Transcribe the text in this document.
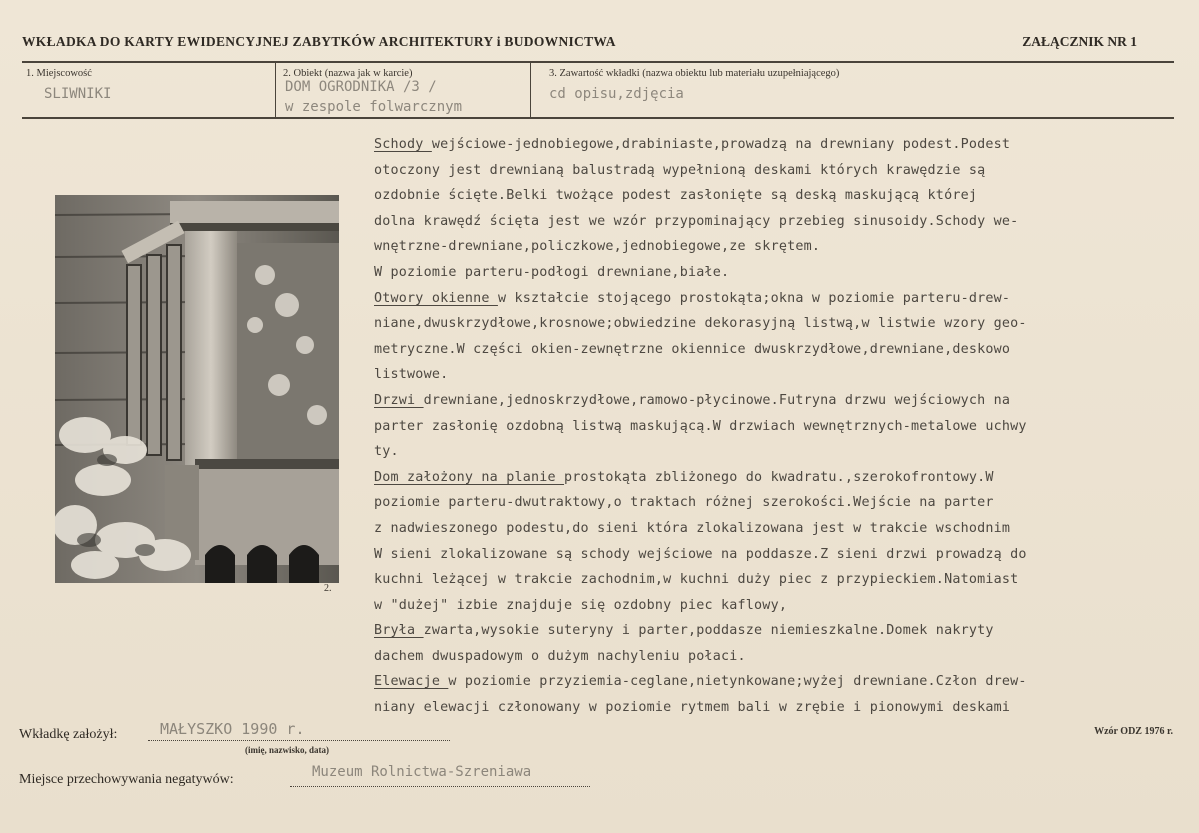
WKŁADKA DO KARTY EWIDENCYJNEJ ZABYTKÓW ARCHITEKTURY i BUDOWNICTWA	ZAŁĄCZNIK NR 1
1. Miejscowość
SLIWNIKI
2. Obiekt (nazwa jak w karcie)
DOM OGRODNIKA /3 /
w zespole folwarcznym
3. Zawartość wkładki (nazwa obiektu lub materiału uzupełniającego)
cd opisu,zdjęcia
2.
Schody wejściowe-jednobiegowe,drabiniaste,prowadzą na drewniany podest.Podest
otoczony jest drewnianą balustradą wypełnioną deskami których krawędzie są
ozdobnie ścięte.Belki twożące podest zasłonięte są deską maskującą której
dolna krawędź ścięta jest we wzór przypominający przebieg sinusoidy.Schody we-
wnętrzne-drewniane,policzkowe,jednobiegowe,ze skrętem.
W poziomie parteru-podłogi drewniane,białe.
Otwory okienne w kształcie stojącego prostokąta;okna w poziomie parteru-drew-
niane,dwuskrzydłowe,krosnowe;obwiedzine dekorasyjną listwą,w listwie wzory geo-
metryczne.W części okien-zewnętrzne okiennice dwuskrzydłowe,drewniane,deskowo
listwowe.
Drzwi drewniane,jednoskrzydłowe,ramowo-płycinowe.Futryna drzwu wejściowych na
parter zasłonię ozdobną listwą maskującą.W drzwiach wewnętrznych-metalowe uchwy
ty.
Dom założony na planie prostokąta zbliżonego do kwadratu.,szerokofrontowy.W
poziomie parteru-dwutraktowy,o traktach różnej szerokości.Wejście na parter
z nadwieszonego podestu,do sieni która zlokalizowana jest w trakcie wschodnim
W sieni zlokalizowane są schody wejściowe na poddasze.Z sieni drzwi prowadzą do
kuchni leżącej w trakcie zachodnim,w kuchni duży piec z przypieckiem.Natomiast
w "dużej" izbie znajduje się ozdobny piec kaflowy,
Bryła zwarta,wysokie suteryny i parter,poddasze niemieszkalne.Domek nakryty
dachem dwuspadowym o dużym nachyleniu połaci.
Elewacje w poziomie przyziemia-ceglane,nietynkowane;wyżej drewniane.Człon drew-
niany elewacji członowany w poziomie rytmem bali w zrębie i pionowymi deskami
Wkładkę założył:	MAŁYSZKO 1990 r.
(imię, nazwisko, data)
Wzór ODZ 1976 r.
Miejsce przechowywania negatywów:	Muzeum Rolnictwa-Szreniawa
